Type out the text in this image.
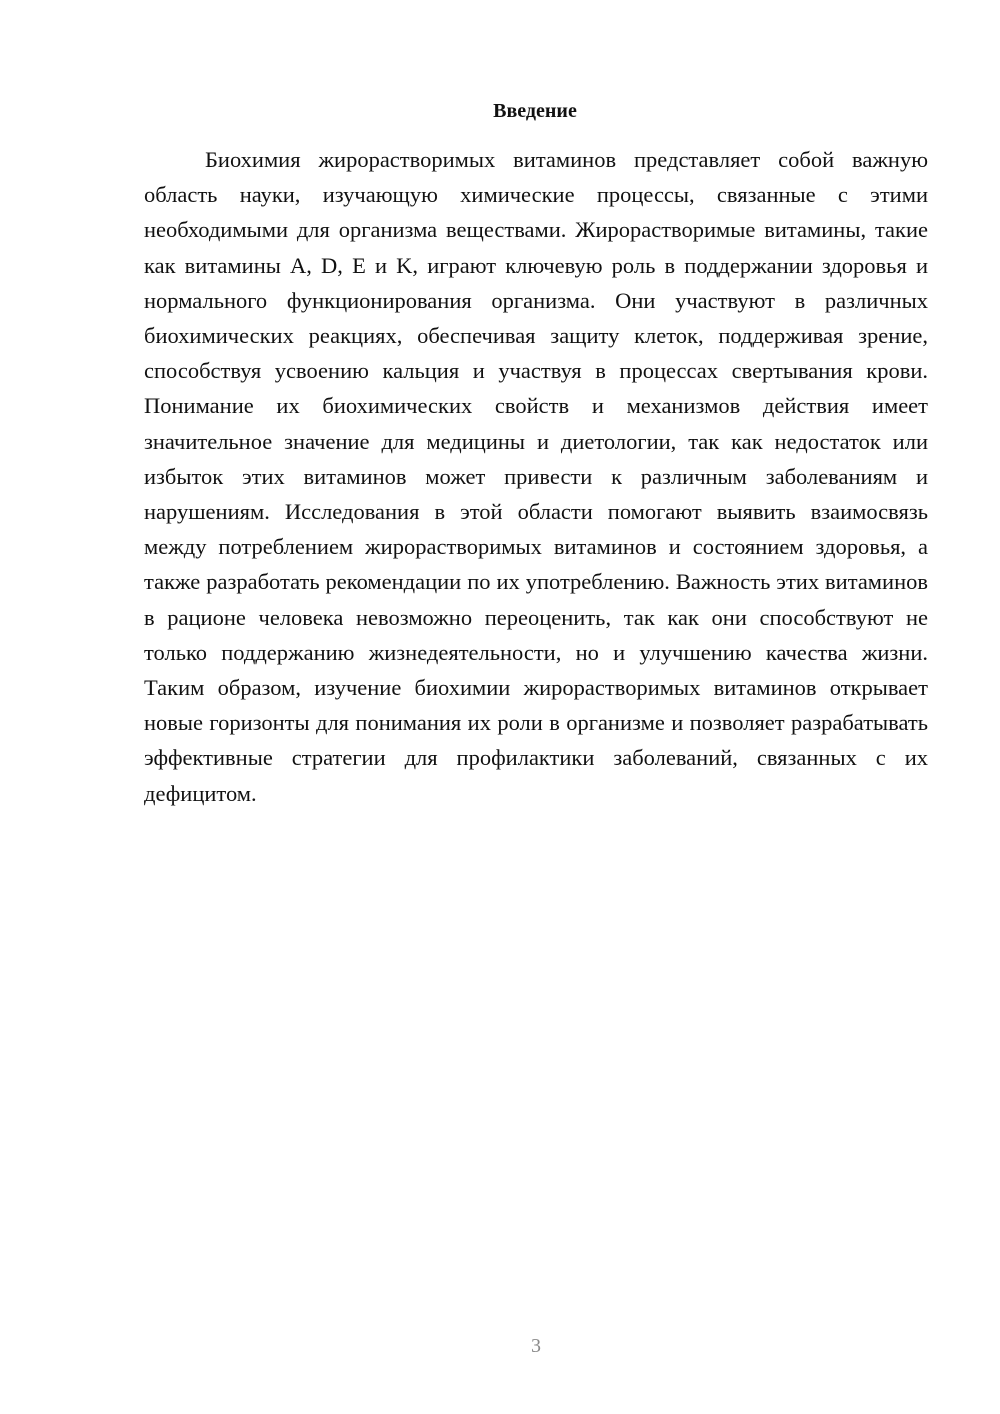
Введение

Биохимия жирорастворимых витаминов представляет собой важную область науки, изучающую химические процессы, связанные с этими необходимыми для организма веществами. Жирорастворимые витамины, такие как витамины A, D, E и K, играют ключевую роль в поддержании здоровья и нормального функционирования организма. Они участвуют в различных биохимических реакциях, обеспечивая защиту клеток, поддерживая зрение, способствуя усвоению кальция и участвуя в процессах свертывания крови. Понимание их биохимических свойств и механизмов действия имеет значительное значение для медицины и диетологии, так как недостаток или избыток этих витаминов может привести к различным заболеваниям и нарушениям. Исследования в этой области помогают выявить взаимосвязь между потреблением жирорастворимых витаминов и состоянием здоровья, а также разработать рекомендации по их употреблению. Важность этих витаминов в рационе человека невозможно переоценить, так как они способствуют не только поддержанию жизнедеятельности, но и улучшению качества жизни. Таким образом, изучение биохимии жирорастворимых витаминов открывает новые горизонты для понимания их роли в организме и позволяет разрабатывать эффективные стратегии для профилактики заболеваний, связанных с их дефицитом.

3
